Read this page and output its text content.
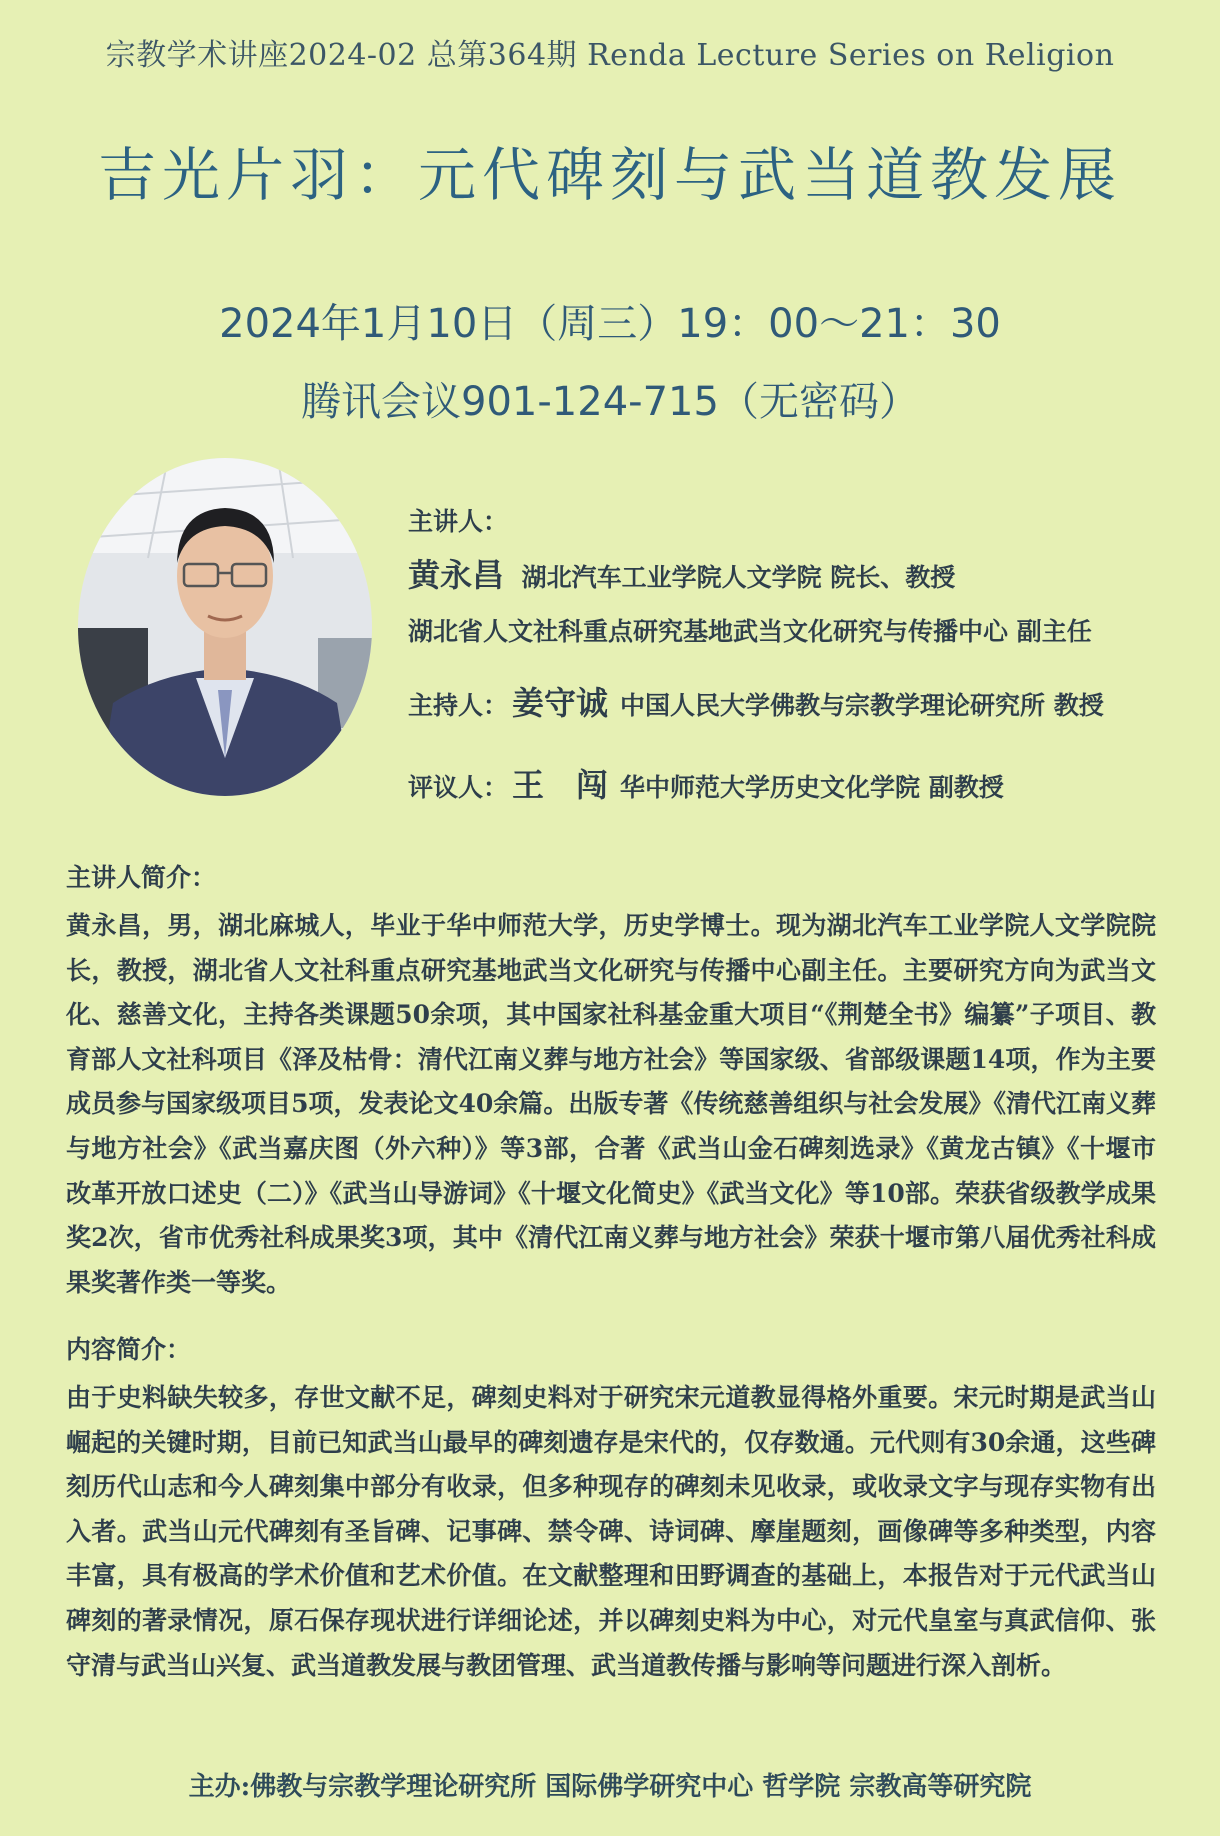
宗教学术讲座2024-02 总第364期 Renda Lecture Series on Religion
吉光片羽：元代碑刻与武当道教发展
2024年1月10日（周三）19：00～21：30
腾讯会议901-124-715（无密码）
主讲人：
黄永昌 湖北汽车工业学院人文学院 院长、教授
湖北省人文社科重点研究基地武当文化研究与传播中心 副主任
主持人： 姜守诚 中国人民大学佛教与宗教学理论研究所 教授
评议人： 王　闯 华中师范大学历史文化学院 副教授
主讲人简介：
黄永昌，男，湖北麻城人，毕业于华中师范大学，历史学博士。现为湖北汽车工业学院人文学院院长，教授，湖北省人文社科重点研究基地武当文化研究与传播中心副主任。主要研究方向为武当文化、慈善文化，主持各类课题50余项，其中国家社科基金重大项目“《荆楚全书》编纂”子项目、教育部人文社科项目《泽及枯骨：清代江南义葬与地方社会》等国家级、省部级课题14项，作为主要成员参与国家级项目5项，发表论文40余篇。出版专著《传统慈善组织与社会发展》《清代江南义葬与地方社会》《武当嘉庆图（外六种）》等3部，合著《武当山金石碑刻选录》《黄龙古镇》《十堰市改革开放口述史（二）》《武当山导游词》《十堰文化简史》《武当文化》等10部。荣获省级教学成果奖2次，省市优秀社科成果奖3项，其中《清代江南义葬与地方社会》荣获十堰市第八届优秀社科成果奖著作类一等奖。
内容简介：
由于史料缺失较多，存世文献不足，碑刻史料对于研究宋元道教显得格外重要。宋元时期是武当山崛起的关键时期，目前已知武当山最早的碑刻遗存是宋代的，仅存数通。元代则有30余通，这些碑刻历代山志和今人碑刻集中部分有收录，但多种现存的碑刻未见收录，或收录文字与现存实物有出入者。武当山元代碑刻有圣旨碑、记事碑、禁令碑、诗词碑、摩崖题刻，画像碑等多种类型，内容丰富，具有极高的学术价值和艺术价值。在文献整理和田野调查的基础上，本报告对于元代武当山碑刻的著录情况，原石保存现状进行详细论述，并以碑刻史料为中心，对元代皇室与真武信仰、张守清与武当山兴复、武当道教发展与教团管理、武当道教传播与影响等问题进行深入剖析。
主办:佛教与宗教学理论研究所 国际佛学研究中心 哲学院 宗教高等研究院
